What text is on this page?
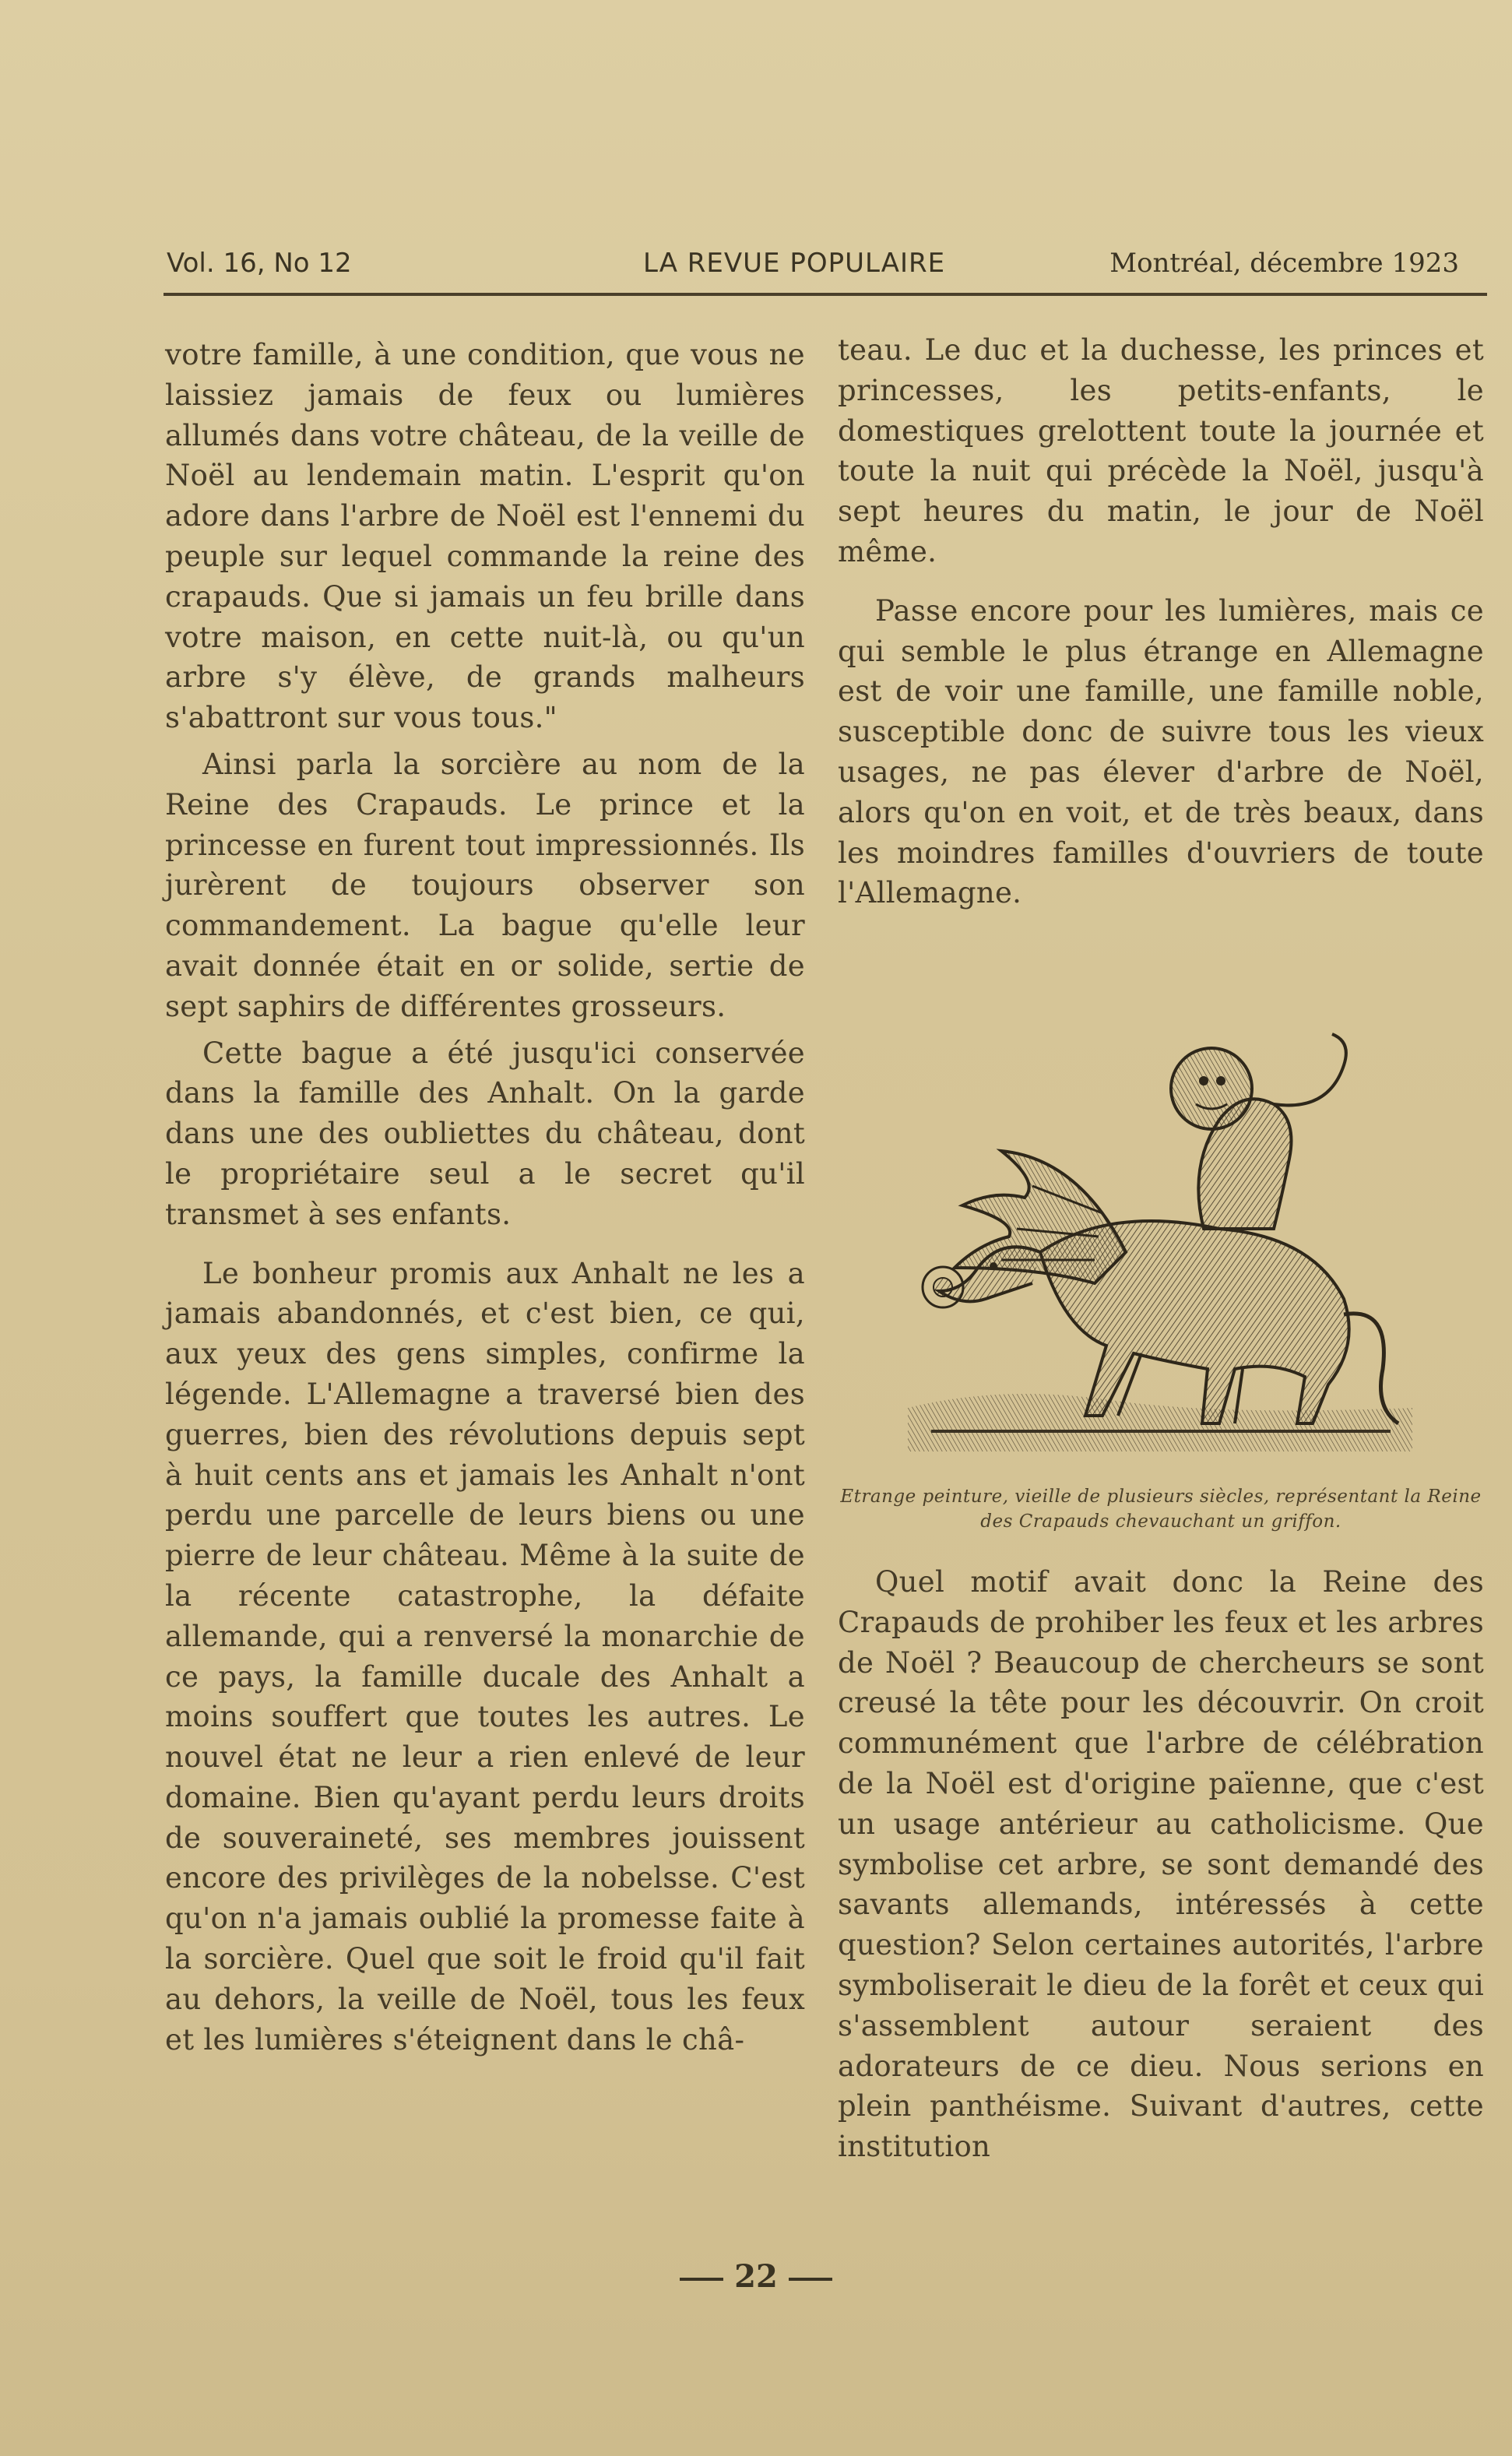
Vol. 16, No 12	LA REVUE POPULAIRE	Montréal, décembre 1923

votre famille, à une condition, que vous ne laissiez jamais de feux ou lumières allumés dans votre château, de la veille de Noël au lendemain matin. L'esprit qu'on adore dans l'arbre de Noël est l'ennemi du peuple sur lequel commande la reine des crapauds. Que si jamais un feu brille dans votre maison, en cette nuit-là, ou qu'un arbre s'y élève, de grands malheurs s'abattront sur vous tous."

Ainsi parla la sorcière au nom de la Reine des Crapauds. Le prince et la princesse en furent tout impressionnés. Ils jurèrent de toujours observer son commandement. La bague qu'elle leur avait donnée était en or solide, sertie de sept saphirs de différentes grosseurs.

Cette bague a été jusqu'ici conservée dans la famille des Anhalt. On la garde dans une des oubliettes du château, dont le propriétaire seul a le secret qu'il transmet à ses enfants.

Le bonheur promis aux Anhalt ne les a jamais abandonnés, et c'est bien, ce qui, aux yeux des gens simples, confirme la légende. L'Allemagne a traversé bien des guerres, bien des révolutions depuis sept à huit cents ans et jamais les Anhalt n'ont perdu une parcelle de leurs biens ou une pierre de leur château. Même à la suite de la récente catastrophe, la défaite allemande, qui a renversé la monarchie de ce pays, la famille ducale des Anhalt a moins souffert que toutes les autres. Le nouvel état ne leur a rien enlevé de leur domaine. Bien qu'ayant perdu leurs droits de souveraineté, ses membres jouissent encore des privilèges de la nobelsse. C'est qu'on n'a jamais oublié la promesse faite à la sorcière. Quel que soit le froid qu'il fait au dehors, la veille de Noël, tous les feux et les lumières s'éteignent dans le châ-

teau. Le duc et la duchesse, les princes et princesses, les petits-enfants, le domestiques grelottent toute la journée et toute la nuit qui précède la Noël, jusqu'à sept heures du matin, le jour de Noël même.

Passe encore pour les lumières, mais ce qui semble le plus étrange en Allemagne est de voir une famille, une famille noble, susceptible donc de suivre tous les vieux usages, ne pas élever d'arbre de Noël, alors qu'on en voit, et de très beaux, dans les moindres familles d'ouvriers de toute l'Allemagne.

Etrange peinture, vieille de plusieurs siècles, représentant la Reine des Crapauds chevauchant un griffon.

Quel motif avait donc la Reine des Crapauds de prohiber les feux et les arbres de Noël ? Beaucoup de chercheurs se sont creusé la tête pour les découvrir. On croit communément que l'arbre de célébration de la Noël est d'origine païenne, que c'est un usage antérieur au catholicisme. Que symbolise cet arbre, se sont demandé des savants allemands, intéressés à cette question? Selon certaines autorités, l'arbre symboliserait le dieu de la forêt et ceux qui s'assemblent autour seraient des adorateurs de ce dieu. Nous serions en plein panthéisme. Suivant d'autres, cette institution

22
